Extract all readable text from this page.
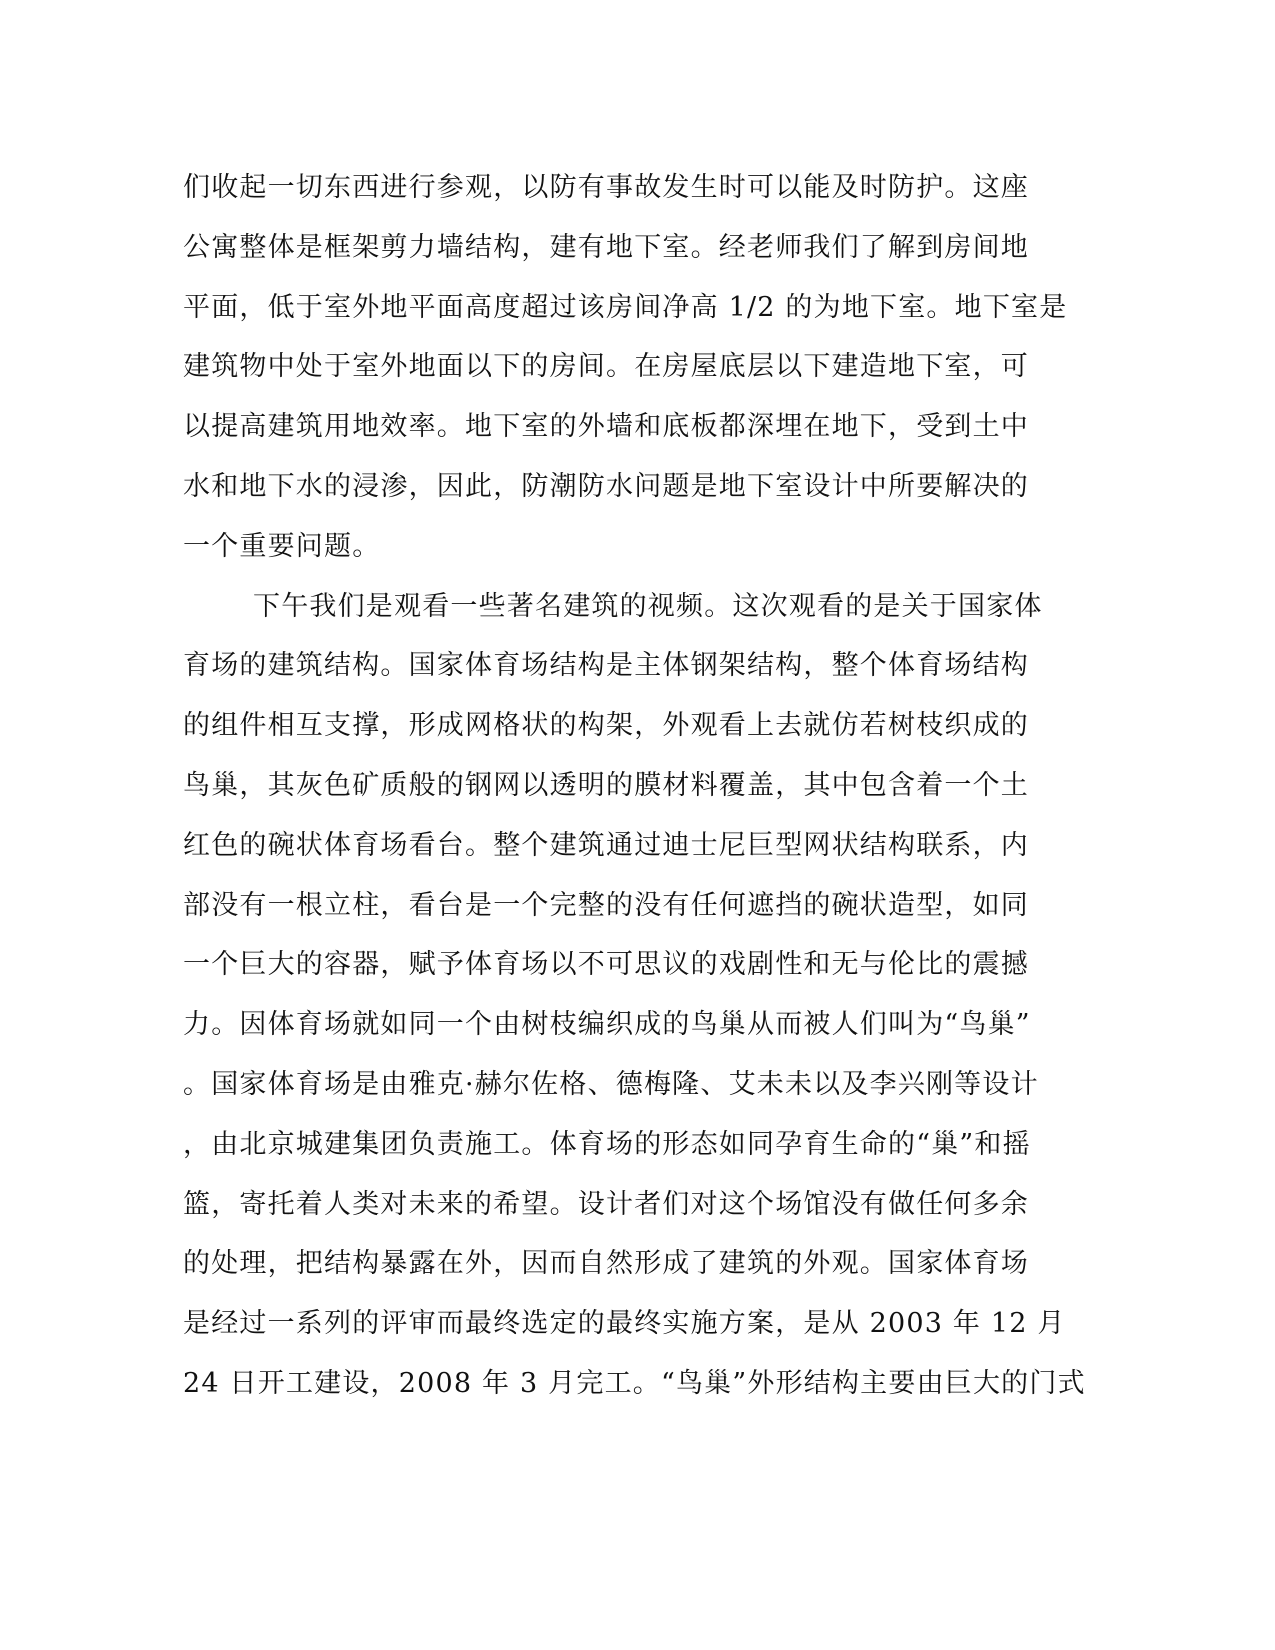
们收起一切东西进行参观，以防有事故发生时可以能及时防护。这座
公寓整体是框架剪力墙结构，建有地下室。经老师我们了解到房间地
平面，低于室外地平面高度超过该房间净高 1/2 的为地下室。地下室是
建筑物中处于室外地面以下的房间。在房屋底层以下建造地下室，可
以提高建筑用地效率。地下室的外墙和底板都深埋在地下，受到土中
水和地下水的浸渗，因此，防潮防水问题是地下室设计中所要解决的
一个重要问题。
下午我们是观看一些著名建筑的视频。这次观看的是关于国家体
育场的建筑结构。国家体育场结构是主体钢架结构，整个体育场结构
的组件相互支撑，形成网格状的构架，外观看上去就仿若树枝织成的
鸟巢，其灰色矿质般的钢网以透明的膜材料覆盖，其中包含着一个土
红色的碗状体育场看台。整个建筑通过迪士尼巨型网状结构联系，内
部没有一根立柱，看台是一个完整的没有任何遮挡的碗状造型，如同
一个巨大的容器，赋予体育场以不可思议的戏剧性和无与伦比的震撼
力。因体育场就如同一个由树枝编织成的鸟巢从而被人们叫为“鸟巢”
。国家体育场是由雅克·赫尔佐格、德梅隆、艾未未以及李兴刚等设计
，由北京城建集团负责施工。体育场的形态如同孕育生命的“巢”和摇
篮，寄托着人类对未来的希望。设计者们对这个场馆没有做任何多余
的处理，把结构暴露在外，因而自然形成了建筑的外观。国家体育场
是经过一系列的评审而最终选定的最终实施方案，是从 2003 年 12 月
24 日开工建设，2008 年 3 月完工。“鸟巢”外形结构主要由巨大的门式
